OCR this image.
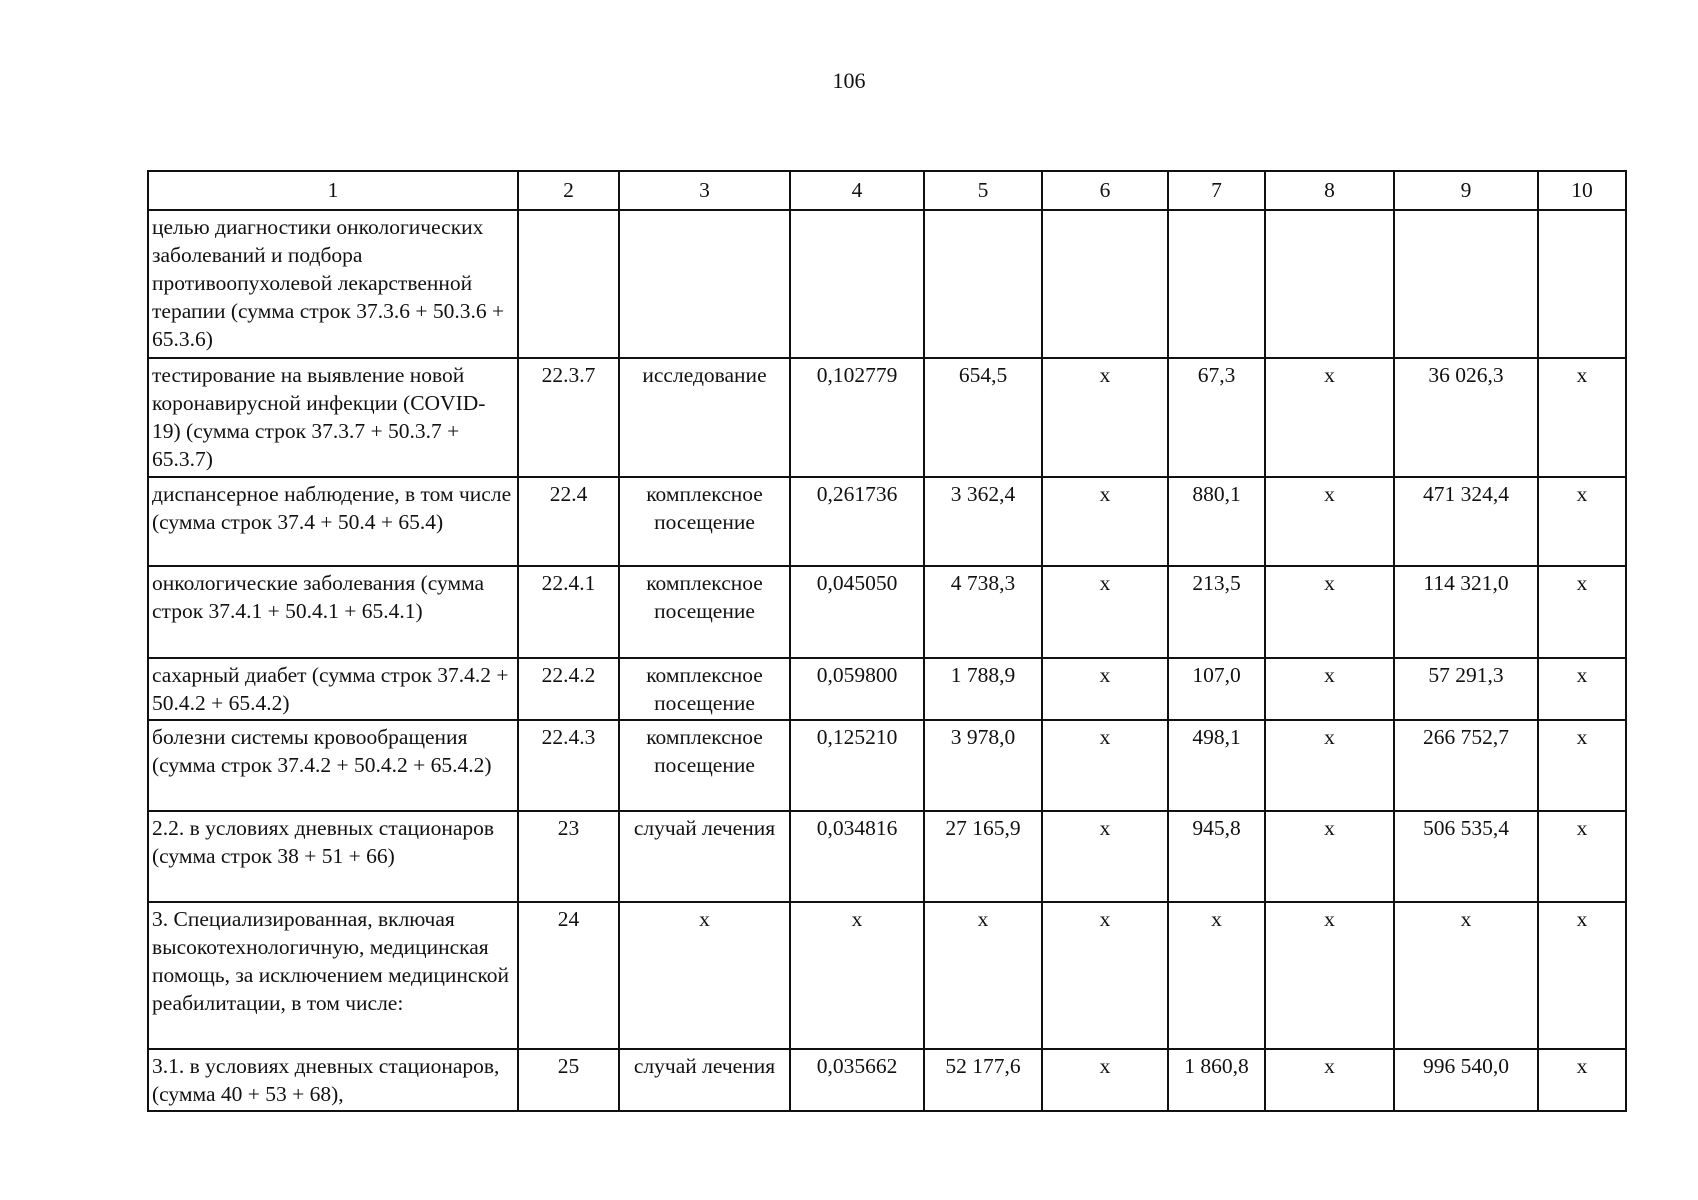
106
1	2	3	4	5	6	7	8	9	10
целью диагностики онкологических заболеваний и подбора противоопухолевой лекарственной терапии (сумма строк 37.3.6 + 50.3.6 + 65.3.6)									
тестирование на выявление новой коронавирусной инфекции (COVID-19) (сумма строк 37.3.7 + 50.3.7 + 65.3.7)	22.3.7	исследование	0,102779	654,5	х	67,3	х	36 026,3	х
диспансерное наблюдение, в том числе (сумма строк 37.4 + 50.4 + 65.4)	22.4	комплексное посещение	0,261736	3 362,4	х	880,1	х	471 324,4	х
онкологические заболевания (сумма строк 37.4.1 + 50.4.1 + 65.4.1)	22.4.1	комплексное посещение	0,045050	4 738,3	х	213,5	х	114 321,0	х
сахарный диабет (сумма строк 37.4.2 + 50.4.2 + 65.4.2)	22.4.2	комплексное посещение	0,059800	1 788,9	х	107,0	х	57 291,3	х
болезни системы кровообращения (сумма строк 37.4.2 + 50.4.2 + 65.4.2)	22.4.3	комплексное посещение	0,125210	3 978,0	х	498,1	х	266 752,7	х
2.2. в условиях дневных стационаров (сумма строк 38 + 51 + 66)	23	случай лечения	0,034816	27 165,9	х	945,8	х	506 535,4	х
3. Специализированная, включая высокотехнологичную, медицинская помощь, за исключением медицинской реабилитации, в том числе:	24	х	х	х	х	х	х	х	х
3.1. в условиях дневных стационаров, (сумма 40 + 53 + 68),	25	случай лечения	0,035662	52 177,6	х	1 860,8	х	996 540,0	х
